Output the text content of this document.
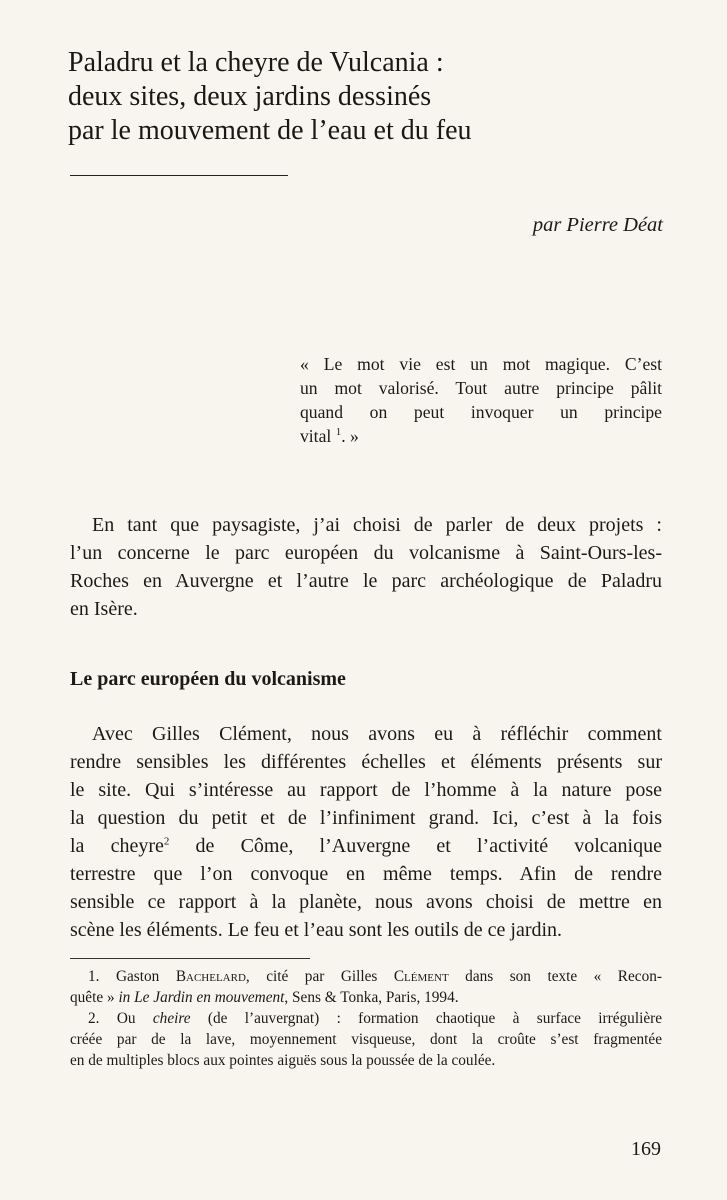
Paladru et la cheyre de Vulcania :
deux sites, deux jardins dessinés
par le mouvement de l’eau et du feu
par Pierre Déat
« Le mot vie est un mot magique. C’est
un mot valorisé. Tout autre principe pâlit
quand on peut invoquer un principe
vital $^1$. »
En tant que paysagiste, j’ai choisi de parler de deux projets :
l’un concerne le parc européen du volcanisme à Saint-Ours-les-
Roches en Auvergne et l’autre le parc archéologique de Paladru
en Isère.
Le parc européen du volcanisme
Avec Gilles Clément, nous avons eu à réfléchir comment
rendre sensibles les différentes échelles et éléments présents sur
le site. Qui s’intéresse au rapport de l’homme à la nature pose
la question du petit et de l’infiniment grand. Ici, c’est à la fois
la cheyre$^2$ de Côme, l’Auvergne et l’activité volcanique
terrestre que l’on convoque en même temps. Afin de rendre
sensible ce rapport à la planète, nous avons choisi de mettre en
scène les éléments. Le feu et l’eau sont les outils de ce jardin.
1. Gaston Bachelard, cité par Gilles Clément dans son texte « Recon-
quête » in Le Jardin en mouvement, Sens & Tonka, Paris, 1994.
2. Ou cheire (de l’auvergnat) : formation chaotique à surface irrégulière
créée par de la lave, moyennement visqueuse, dont la croûte s’est fragmentée
en de multiples blocs aux pointes aiguës sous la poussée de la coulée.
169
